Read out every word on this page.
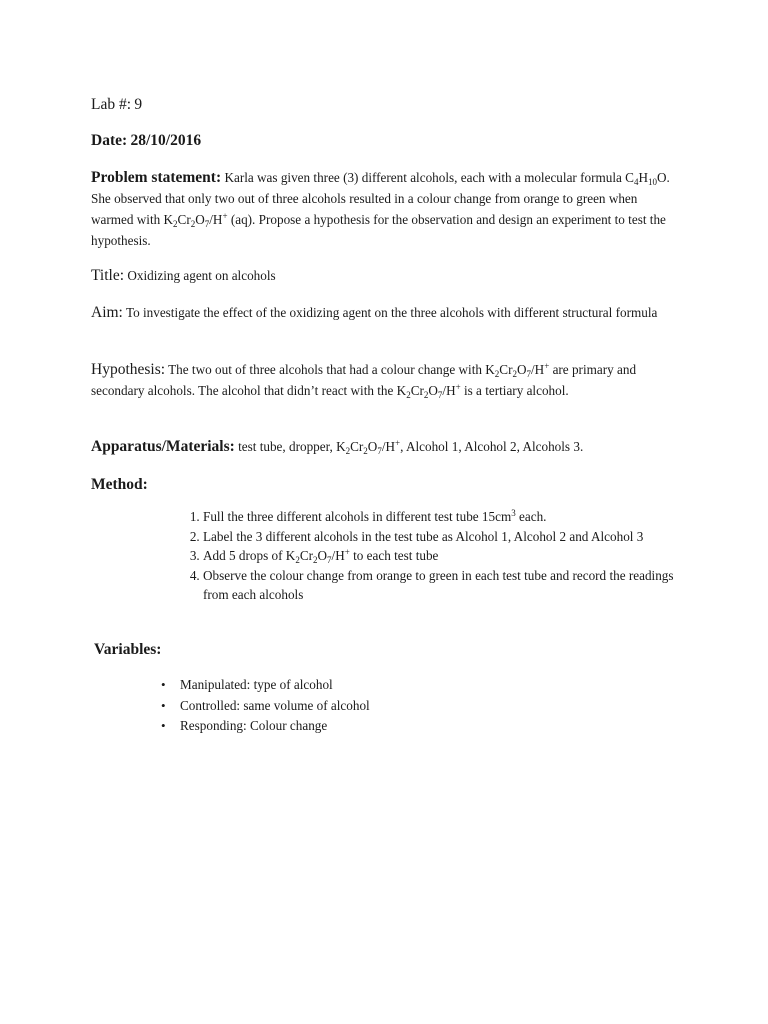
Lab #: 9
Date: 28/10/2016
Problem statement: Karla was given three (3) different alcohols, each with a molecular formula $C_4H_{10}O$. She observed that only two out of three alcohols resulted in a colour change from orange to green when warmed with $K_2Cr_2O_7/H^+$ (aq). Propose a hypothesis for the observation and design an experiment to test the hypothesis.
Title: Oxidizing agent on alcohols
Aim: To investigate the effect of the oxidizing agent on the three alcohols with different structural formula
Hypothesis: The two out of three alcohols that had a colour change with $K_2Cr_2O_7/H^+$ are primary and secondary alcohols. The alcohol that didn’t react with the $K_2Cr_2O_7/H^+$ is a tertiary alcohol.
Apparatus/Materials: test tube, dropper, $K_2Cr_2O_7/H^+$, Alcohol 1, Alcohol 2, Alcohols 3.
Method:
1. Full the three different alcohols in different test tube $15cm^3$ each.
2. Label the 3 different alcohols in the test tube as Alcohol 1, Alcohol 2 and Alcohol 3
3. Add 5 drops of $K_2Cr_2O_7/H^+$ to each test tube
4. Observe the colour change from orange to green in each test tube and record the readings from each alcohols
Variables:
• Manipulated: type of alcohol
• Controlled: same volume of alcohol
• Responding: Colour change
